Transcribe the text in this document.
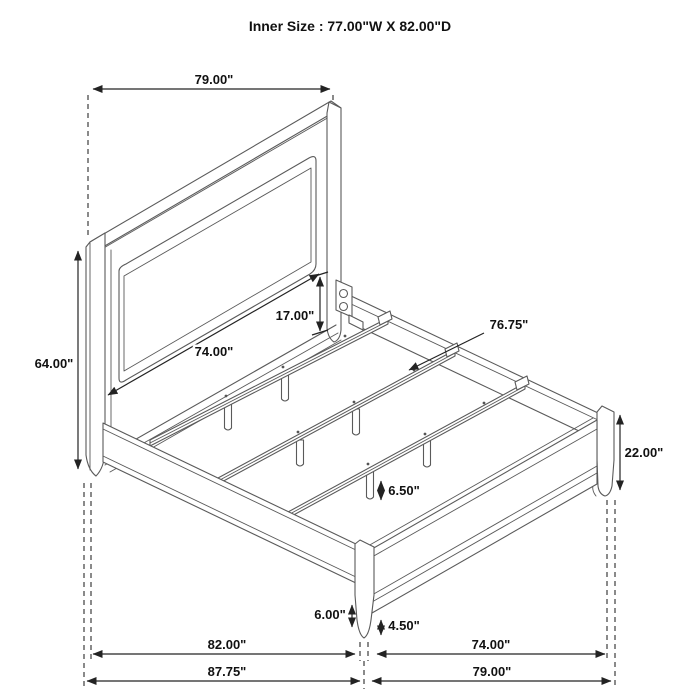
79.00"
64.00"
17.00"
74.00"
76.75"
22.00"
6.50"
6.00"
4.50"
82.00"	74.00"
87.75"	79.00"
Inner Size : 77.00"W X 82.00"D
